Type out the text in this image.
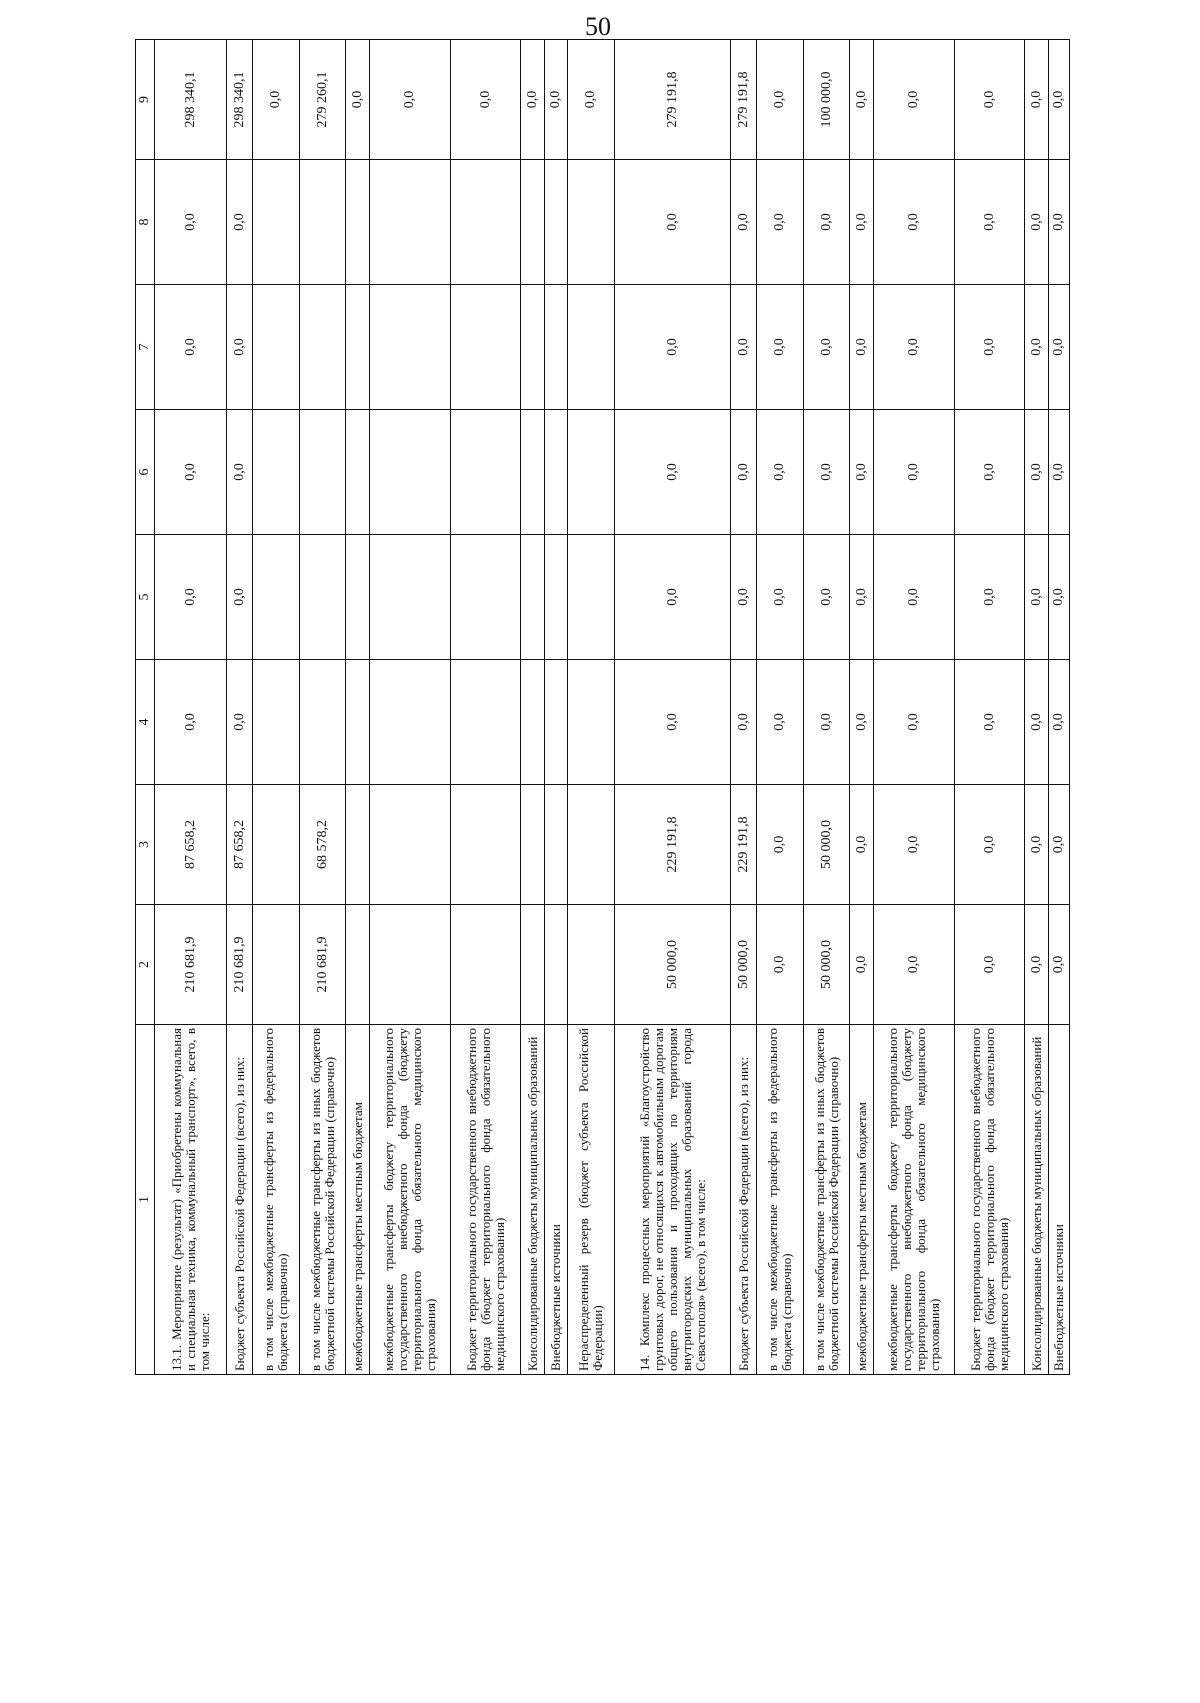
50
1	2	3	4	5	6	7	8	9
13.1. Мероприятие (результат) «Приобретены коммунальная и специальная техника, коммунальный транспорт», всего, в том числе:	210 681,9	87 658,2	0,0	0,0	0,0	0,0	0,0	298 340,1
Бюджет субъекта Российской Федерации (всего), из них:	210 681,9	87 658,2	0,0	0,0	0,0	0,0	0,0	298 340,1
в том числе межбюджетные трансферты из федерального бюджета (справочно)								0,0
в том числе межбюджетные трансферты из иных бюджетов бюджетной системы Российской Федерации (справочно)	210 681,9	68 578,2						279 260,1
межбюджетные трансферты местным бюджетам								0,0
межбюджетные трансферты бюджету территориального государственного внебюджетного фонда (бюджету территориального фонда обязательного медицинского страхования)								0,0
Бюджет территориального государственного внебюджетного фонда (бюджет территориального фонда обязательного медицинского страхования)								0,0
Консолидированные бюджеты муниципальных образований								0,0
Внебюджетные источники								0,0
Нераспределенный резерв (бюджет субъекта Российской Федерации)								0,0
14. Комплекс процессных мероприятий «Благоустройство грунтовых дорог, не относящихся к автомобильным дорогам общего пользования и проходящих по территориям внутригородских муниципальных образований города Севастополя» (всего), в том числе:	50 000,0	229 191,8	0,0	0,0	0,0	0,0	0,0	279 191,8
Бюджет субъекта Российской Федерации (всего), из них:	50 000,0	229 191,8	0,0	0,0	0,0	0,0	0,0	279 191,8
в том числе межбюджетные трансферты из федерального бюджета (справочно)	0,0	0,0	0,0	0,0	0,0	0,0	0,0	0,0
в том числе межбюджетные трансферты из иных бюджетов бюджетной системы Российской Федерации (справочно)	50 000,0	50 000,0	0,0	0,0	0,0	0,0	0,0	100 000,0
межбюджетные трансферты местным бюджетам	0,0	0,0	0,0	0,0	0,0	0,0	0,0	0,0
межбюджетные трансферты бюджету территориального государственного внебюджетного фонда (бюджету территориального фонда обязательного медицинского страхования)	0,0	0,0	0,0	0,0	0,0	0,0	0,0	0,0
Бюджет территориального государственного внебюджетного фонда (бюджет территориального фонда обязательного медицинского страхования)	0,0	0,0	0,0	0,0	0,0	0,0	0,0	0,0
Консолидированные бюджеты муниципальных образований	0,0	0,0	0,0	0,0	0,0	0,0	0,0	0,0
Внебюджетные источники	0,0	0,0	0,0	0,0	0,0	0,0	0,0	0,0
